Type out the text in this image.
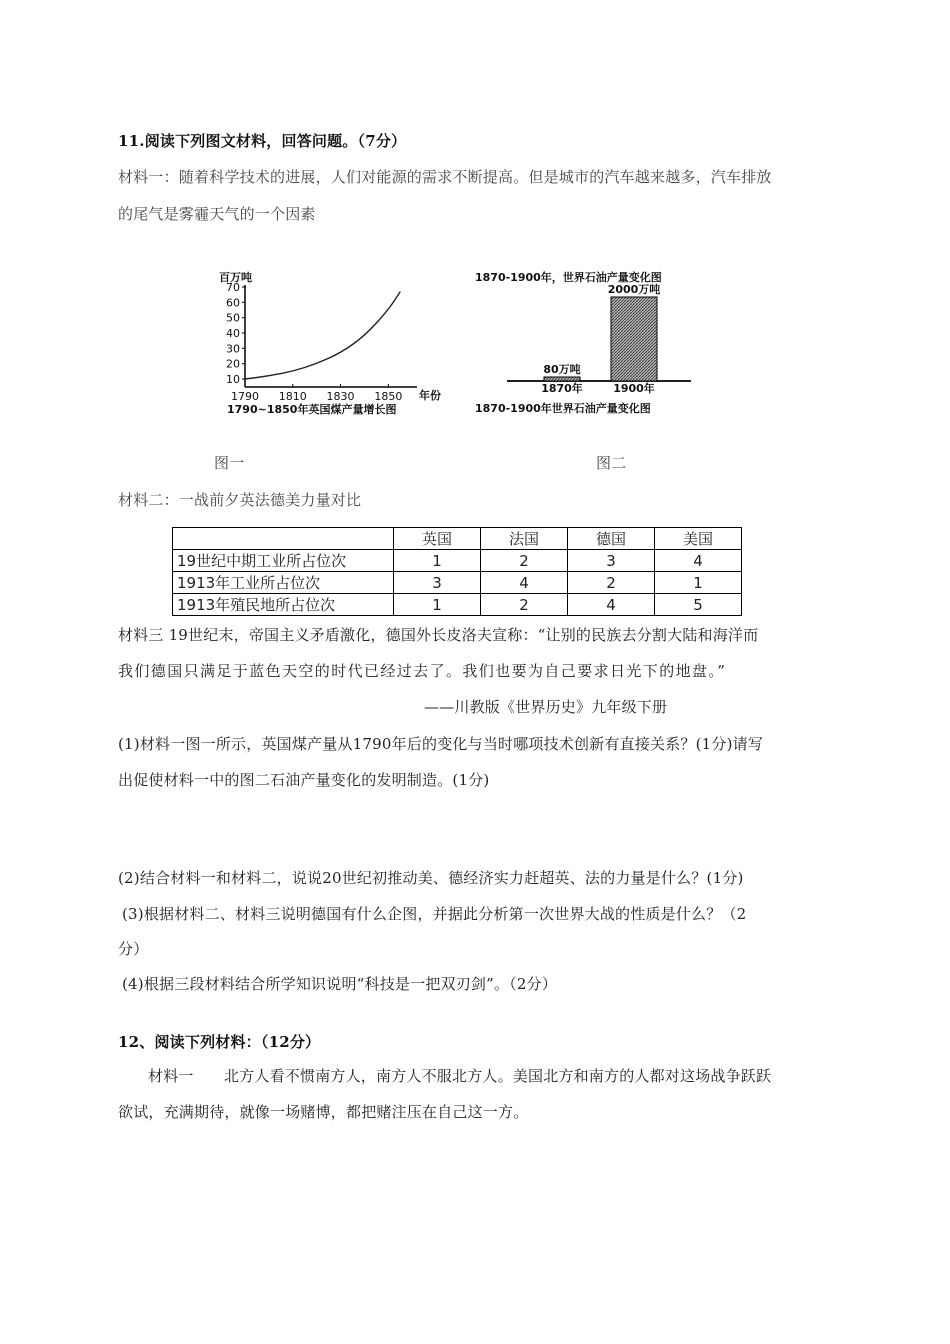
11.阅读下列图文材料，回答问题。（7分）
材料一：随着科学技术的进展，人们对能源的需求不断提高。但是城市的汽车越来越多，汽车排放
的尾气是雾霾天气的一个因素
百万吨
年份
1790~1850年英国煤产量增长图
10
20
30
40
50
60
70
1790 1810 1830 1850
1870-1900年，世界石油产量变化图
80万吨
1870年
2000万吨
1900年
1870-1900年世界石油产量变化图
图一	图二
材料二：一战前夕英法德美力量对比
	英国	法国	德国	美国
19世纪中期工业所占位次	1	2	3	4
1913年工业所占位次	3	4	2	1
1913年殖民地所占位次	1	2	4	5
材料三 19世纪末，帝国主义矛盾激化，德国外长皮洛夫宣称：“让别的民族去分割大陆和海洋而
我们德国只满足于蓝色天空的时代已经过去了。我们也要为自己要求日光下的地盘。”
——川教版《世界历史》九年级下册
(1)材料一图一所示，英国煤产量从1790年后的变化与当时哪项技术创新有直接关系？(1分)请写
出促使材料一中的图二石油产量变化的发明制造。(1分)
(2)结合材料一和材料二，说说20世纪初推动美、德经济实力赶超英、法的力量是什么？(1分)
(3)根据材料二、材料三说明德国有什么企图，并据此分析第一次世界大战的性质是什么？（2
分）
(4)根据三段材料结合所学知识说明“科技是一把双刃剑”。（2分）
12、阅读下列材料：（12分）
材料一　　北方人看不惯南方人，南方人不服北方人。美国北方和南方的人都对这场战争跃跃
欲试，充满期待，就像一场赌博，都把赌注压在自己这一方。
